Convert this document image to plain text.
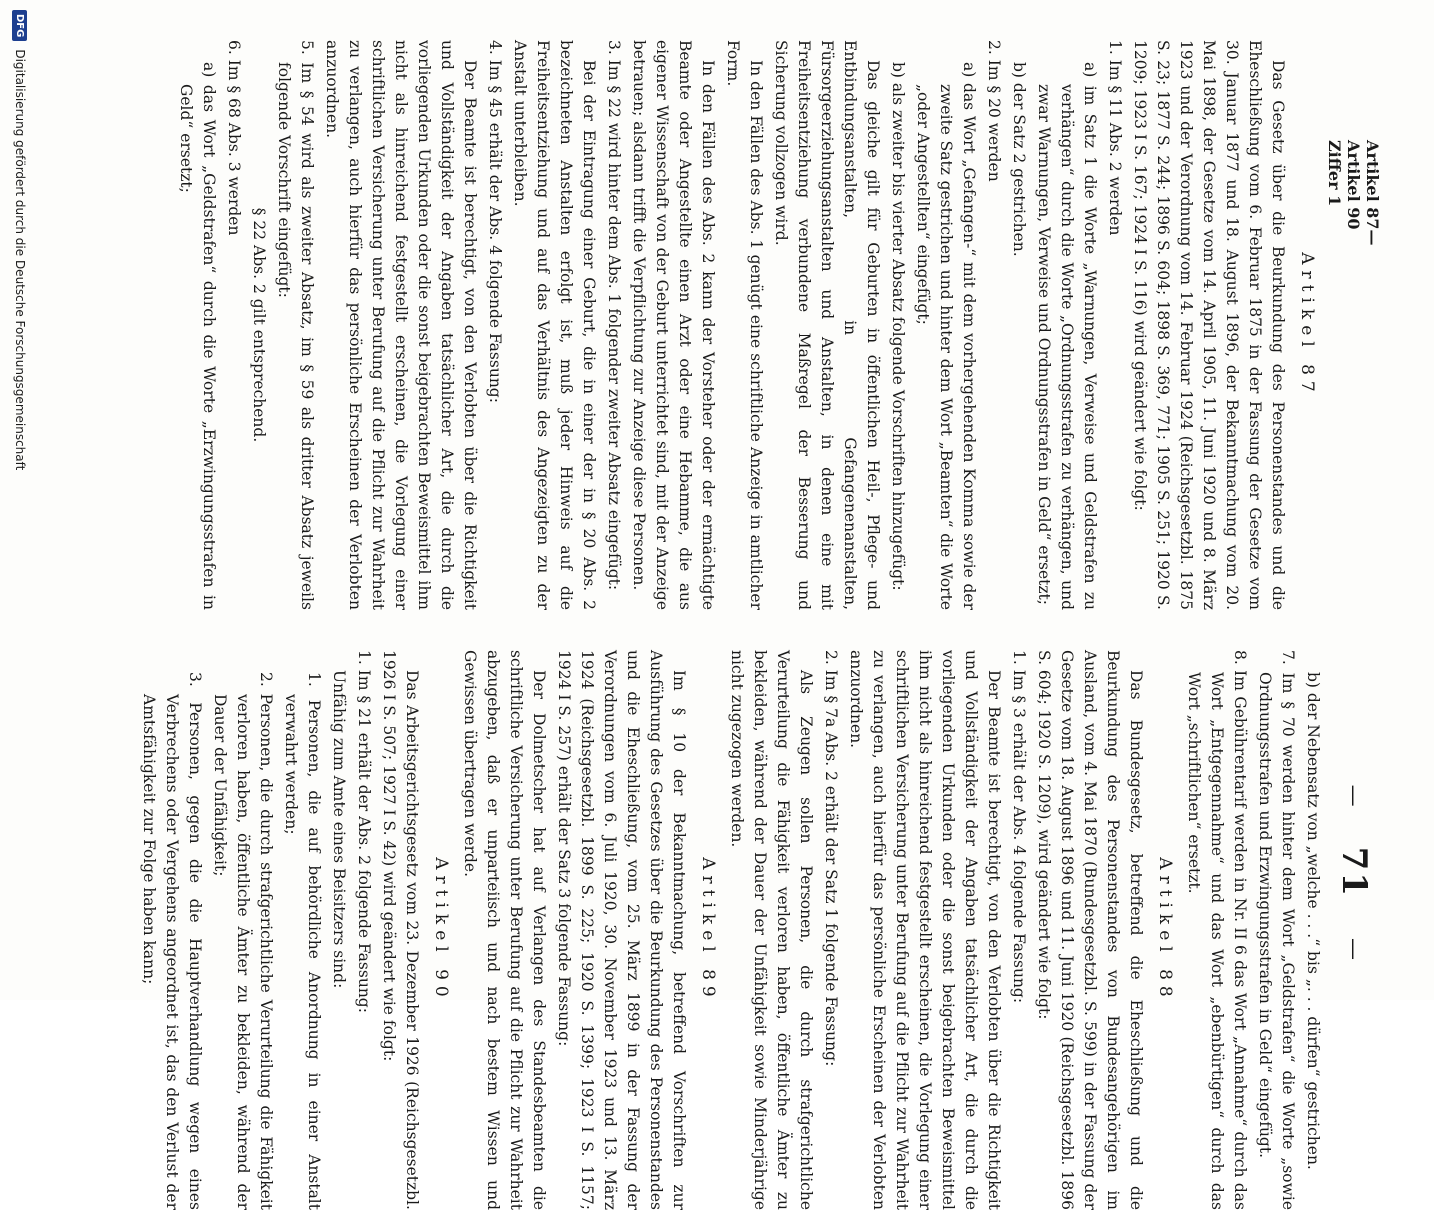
Artikel 87—Artikel 90 Ziffer 1
—
71
—

Artikel 87

Das Gesetz über die Beurkundung des Personenstandes und die Eheschließung vom 6. Februar 1875 in der Fassung der Gesetze vom 30. Januar 1877 und 18. August 1896, der Bekanntmachung vom 20. Mai 1898, der Gesetze vom 14. April 1905, 11. Juni 1920 und 8. März 1923 und der Verordnung vom 14. Februar 1924 (Reichsgesetzbl. 1875 S. 23; 1877 S. 244; 1896 S. 604; 1898 S. 369, 771; 1905 S. 251; 1920 S. 1209; 1923 I S. 167; 1924 I S. 116) wird geändert wie folgt:

1. Im § 11 Abs. 2 werden

a) im Satz 1 die Worte „Warnungen, Verweise und Geldstrafen zu verhängen“ durch die Worte „Ordnungsstrafen zu verhängen, und zwar Warnungen, Verweise und Ordnungsstrafen in Geld“ ersetzt;

b) der Satz 2 gestrichen.

2. Im § 20 werden

a) das Wort „Gefangen-“ mit dem vorhergehenden Komma sowie der zweite Satz gestrichen und hinter dem Wort „Beamten“ die Worte „oder Angestellten“ eingefügt;

b) als zweiter bis vierter Absatz folgende Vorschriften hinzugefügt:

Das gleiche gilt für Geburten in öffentlichen Heil-, Pflege- und Entbindungsanstalten, in Gefangenenanstalten, Fürsorgeerziehungsanstalten und Anstalten, in denen eine mit Freiheitsentziehung verbundene Maßregel der Besserung und Sicherung vollzogen wird.

In den Fällen des Abs. 1 genügt eine schriftliche Anzeige in amtlicher Form.

In den Fällen des Abs. 2 kann der Vorsteher oder der ermächtigte Beamte oder Angestellte einen Arzt oder eine Hebamme, die aus eigener Wissenschaft von der Geburt unterrichtet sind, mit der Anzeige betrauen; alsdann trifft die Verpflichtung zur Anzeige diese Personen.

3. Im § 22 wird hinter dem Abs. 1 folgender zweiter Absatz eingefügt:

Bei der Eintragung einer Geburt, die in einer der in § 20 Abs. 2 bezeichneten Anstalten erfolgt ist, muß jeder Hinweis auf die Freiheitsentziehung und auf das Verhältnis des Angezeigten zu der Anstalt unterbleiben.

4. Im § 45 erhält der Abs. 4 folgende Fassung:

Der Beamte ist berechtigt, von den Verlobten über die Richtigkeit und Vollständigkeit der Angaben tatsächlicher Art, die durch die vorliegenden Urkunden oder die sonst beigebrachten Beweismittel ihm nicht als hinreichend festgestellt erscheinen, die Vorlegung einer schriftlichen Versicherung unter Berufung auf die Pflicht zur Wahrheit zu verlangen, auch hierfür das persönliche Erscheinen der Verlobten anzuordnen.

5. Im § 54 wird als zweiter Absatz, im § 59 als dritter Absatz jeweils folgende Vorschrift eingefügt:

§ 22 Abs. 2 gilt entsprechend.

6. Im § 68 Abs. 3 werden

a) das Wort „Geldstrafen“ durch die Worte „Erzwingungsstrafen in Geld“ ersetzt;

b) der Nebensatz von „welche . . .“ bis „. . . dürfen“ gestrichen.

7. Im § 70 werden hinter dem Wort „Geldstrafen“ die Worte „sowie Ordnungsstrafen und Erzwingungsstrafen in Geld“ eingefügt.

8. Im Gebührentarif werden in Nr. II 6 das Wort „Annahme“ durch das Wort „Entgegennahme“ und das Wort „ebenbürtigen“ durch das Wort „schriftlichen“ ersetzt.

Artikel 88

Das Bundesgesetz, betreffend die Eheschließung und die Beurkundung des Personenstandes von Bundesangehörigen im Ausland, vom 4. Mai 1870 (Bundesgesetzbl. S. 599) in der Fassung der Gesetze vom 18. August 1896 und 11. Juni 1920 (Reichsgesetzbl. 1896 S. 604; 1920 S. 1209), wird geändert wie folgt:

1. Im § 3 erhält der Abs. 4 folgende Fassung:

Der Beamte ist berechtigt, von den Verlobten über die Richtigkeit und Vollständigkeit der Angaben tatsächlicher Art, die durch die vorliegenden Urkunden oder die sonst beigebrachten Beweismittel ihm nicht als hinreichend festgestellt erscheinen, die Vorlegung einer schriftlichen Versicherung unter Berufung auf die Pflicht zur Wahrheit zu verlangen, auch hierfür das persönliche Erscheinen der Verlobten anzuordnen.

2. Im § 7a Abs. 2 erhält der Satz 1 folgende Fassung:

Als Zeugen sollen Personen, die durch strafgerichtliche Verurteilung die Fähigkeit verloren haben, öffentliche Ämter zu bekleiden, während der Dauer der Unfähigkeit sowie Minderjährige nicht zugezogen werden.

Artikel 89

Im § 10 der Bekanntmachung, betreffend Vorschriften zur Ausführung des Gesetzes über die Beurkundung des Personenstandes und die Eheschließung, vom 25. März 1899 in der Fassung der Verordnungen vom 6. Juli 1920, 30. November 1923 und 13. März 1924 (Reichsgesetzbl. 1899 S. 225; 1920 S. 1399; 1923 I S. 1157; 1924 I S. 257) erhält der Satz 3 folgende Fassung:

Der Dolmetscher hat auf Verlangen des Standesbeamten die schriftliche Versicherung unter Berufung auf die Pflicht zur Wahrheit abzugeben, daß er unparteiisch und nach bestem Wissen und Gewissen übertragen werde.

Artikel 90

Das Arbeitsgerichtsgesetz vom 23. Dezember 1926 (Reichsgesetzbl. 1926 I S. 507; 1927 I S. 42) wird geändert wie folgt:

1. Im § 21 erhält der Abs. 2 folgende Fassung:

Unfähig zum Amte eines Beisitzers sind:

1. Personen, die auf behördliche Anordnung in einer Anstalt verwahrt werden;

2. Personen, die durch strafgerichtliche Verurteilung die Fähigkeit verloren haben, öffentliche Ämter zu bekleiden, während der Dauer der Unfähigkeit;

3. Personen, gegen die die Hauptverhandlung wegen eines Verbrechens oder Vergehens angeordnet ist, das den Verlust der Amtsfähigkeit zur Folge haben kann;

DFG
Digitalisierung gefördert durch die Deutsche Forschungsgemeinschaft
